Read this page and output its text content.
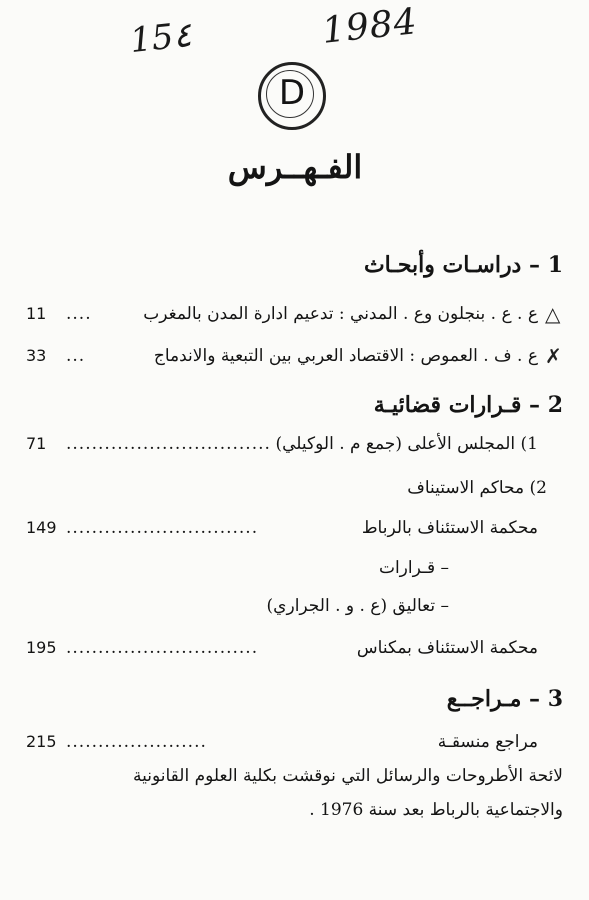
15٤	1984
D
الفـهــرس
1 – دراسـات وأبحـاث
△
ع . ع . بنجلون وع . المدني : تدعيم ادارة المدن بالمغرب
....
11
✗
ع . ف . العموص : الاقتصاد العربي بين التبعية والاندماج
...
33
2 – قـرارات قضائيـة
1) المجلس الأعلى (جمع م . الوكيلي)
................................
71
2) محاكم الاستيناف
محكمة الاستئناف بالرباط
..............................
149
– قـرارات
– تعاليق (ع . و . الجراري)
محكمة الاستئناف بمكناس
..............................
195
3 – مـراجــع
مراجع منسقـة
......................
215
لائحة الأطروحات والرسائل التي نوقشت بكلية العلوم القانونية
والاجتماعية بالرباط بعد سنة 1976 .
